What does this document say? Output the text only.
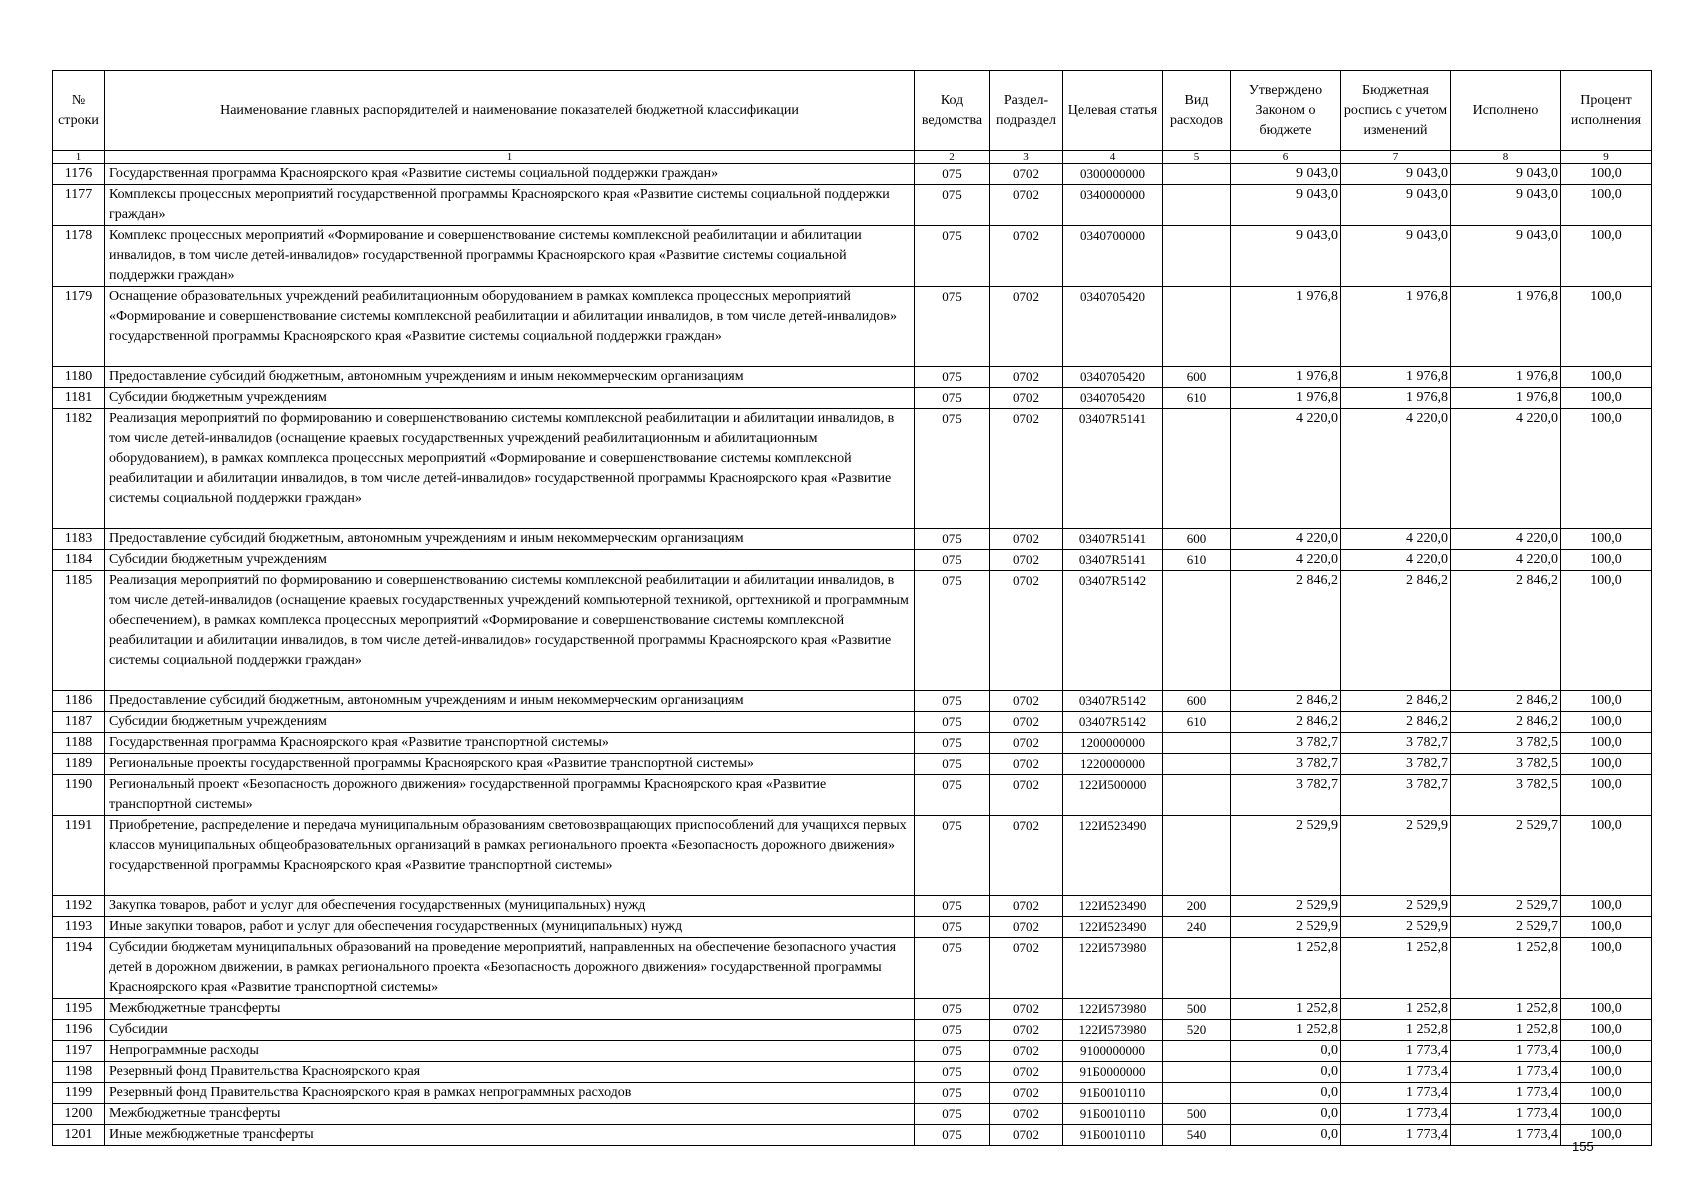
№ строки	Наименование главных распорядителей и наименование показателей бюджетной классификации	Код ведомства	Раздел-подраздел	Целевая статья	Вид расходов	Утверждено Законом о бюджете	Бюджетная роспись с учетом изменений	Исполнено	Процент исполнения
1	1	2	3	4	5	6	7	8	9
1176	Государственная программа Красноярского края «Развитие системы социальной поддержки граждан»	075	0702	0300000000		9 043,0	9 043,0	9 043,0	100,0
1177	Комплексы процессных мероприятий государственной программы Красноярского края «Развитие системы социальной поддержки граждан»	075	0702	0340000000		9 043,0	9 043,0	9 043,0	100,0
1178	Комплекс процессных мероприятий «Формирование и совершенствование системы комплексной реабилитации и абилитации инвалидов, в том числе детей-инвалидов» государственной программы Красноярского края «Развитие системы социальной поддержки граждан»	075	0702	0340700000		9 043,0	9 043,0	9 043,0	100,0
1179	Оснащение образовательных учреждений реабилитационным оборудованием в рамках комплекса процессных мероприятий «Формирование и совершенствование системы комплексной реабилитации и абилитации инвалидов, в том числе детей-инвалидов» государственной программы Красноярского края «Развитие системы социальной поддержки граждан»	075	0702	0340705420		1 976,8	1 976,8	1 976,8	100,0
1180	Предоставление субсидий бюджетным, автономным учреждениям и иным некоммерческим организациям	075	0702	0340705420	600	1 976,8	1 976,8	1 976,8	100,0
1181	Субсидии бюджетным учреждениям	075	0702	0340705420	610	1 976,8	1 976,8	1 976,8	100,0
1182	Реализация мероприятий по формированию и совершенствованию системы комплексной реабилитации и абилитации инвалидов, в том числе детей-инвалидов (оснащение краевых государственных учреждений реабилитационным и абилитационным оборудованием), в рамках комплекса процессных мероприятий «Формирование и совершенствование системы комплексной реабилитации и абилитации инвалидов, в том числе детей-инвалидов» государственной программы Красноярского края «Развитие системы социальной поддержки граждан»	075	0702	03407R5141		4 220,0	4 220,0	4 220,0	100,0
1183	Предоставление субсидий бюджетным, автономным учреждениям и иным некоммерческим организациям	075	0702	03407R5141	600	4 220,0	4 220,0	4 220,0	100,0
1184	Субсидии бюджетным учреждениям	075	0702	03407R5141	610	4 220,0	4 220,0	4 220,0	100,0
1185	Реализация мероприятий по формированию и совершенствованию системы комплексной реабилитации и абилитации инвалидов, в том числе детей-инвалидов (оснащение краевых государственных учреждений компьютерной техникой, оргтехникой и программным обеспечением), в рамках комплекса процессных мероприятий «Формирование и совершенствование системы комплексной реабилитации и абилитации инвалидов, в том числе детей-инвалидов» государственной программы Красноярского края «Развитие системы социальной поддержки граждан»	075	0702	03407R5142		2 846,2	2 846,2	2 846,2	100,0
1186	Предоставление субсидий бюджетным, автономным учреждениям и иным некоммерческим организациям	075	0702	03407R5142	600	2 846,2	2 846,2	2 846,2	100,0
1187	Субсидии бюджетным учреждениям	075	0702	03407R5142	610	2 846,2	2 846,2	2 846,2	100,0
1188	Государственная программа Красноярского края «Развитие транспортной системы»	075	0702	1200000000		3 782,7	3 782,7	3 782,5	100,0
1189	Региональные проекты государственной программы Красноярского края «Развитие транспортной системы»	075	0702	1220000000		3 782,7	3 782,7	3 782,5	100,0
1190	Региональный проект «Безопасность дорожного движения» государственной программы Красноярского края «Развитие транспортной системы»	075	0702	122И500000		3 782,7	3 782,7	3 782,5	100,0
1191	Приобретение, распределение и передача муниципальным образованиям световозвращающих приспособлений для учащихся первых классов муниципальных общеобразовательных организаций в рамках регионального проекта «Безопасность дорожного движения» государственной программы Красноярского края «Развитие транспортной системы»	075	0702	122И523490		2 529,9	2 529,9	2 529,7	100,0
1192	Закупка товаров, работ и услуг для обеспечения государственных (муниципальных) нужд	075	0702	122И523490	200	2 529,9	2 529,9	2 529,7	100,0
1193	Иные закупки товаров, работ и услуг для обеспечения государственных (муниципальных) нужд	075	0702	122И523490	240	2 529,9	2 529,9	2 529,7	100,0
1194	Субсидии бюджетам муниципальных образований на проведение мероприятий, направленных на обеспечение безопасного участия детей в дорожном движении, в рамках регионального проекта «Безопасность дорожного движения» государственной программы Красноярского края «Развитие транспортной системы»	075	0702	122И573980		1 252,8	1 252,8	1 252,8	100,0
1195	Межбюджетные трансферты	075	0702	122И573980	500	1 252,8	1 252,8	1 252,8	100,0
1196	Субсидии	075	0702	122И573980	520	1 252,8	1 252,8	1 252,8	100,0
1197	Непрограммные расходы	075	0702	9100000000		0,0	1 773,4	1 773,4	100,0
1198	Резервный фонд Правительства Красноярского края	075	0702	91Б0000000		0,0	1 773,4	1 773,4	100,0
1199	Резервный фонд Правительства Красноярского края в рамках непрограммных расходов	075	0702	91Б0010110		0,0	1 773,4	1 773,4	100,0
1200	Межбюджетные трансферты	075	0702	91Б0010110	500	0,0	1 773,4	1 773,4	100,0
1201	Иные межбюджетные трансферты	075	0702	91Б0010110	540	0,0	1 773,4	1 773,4	100,0
155
